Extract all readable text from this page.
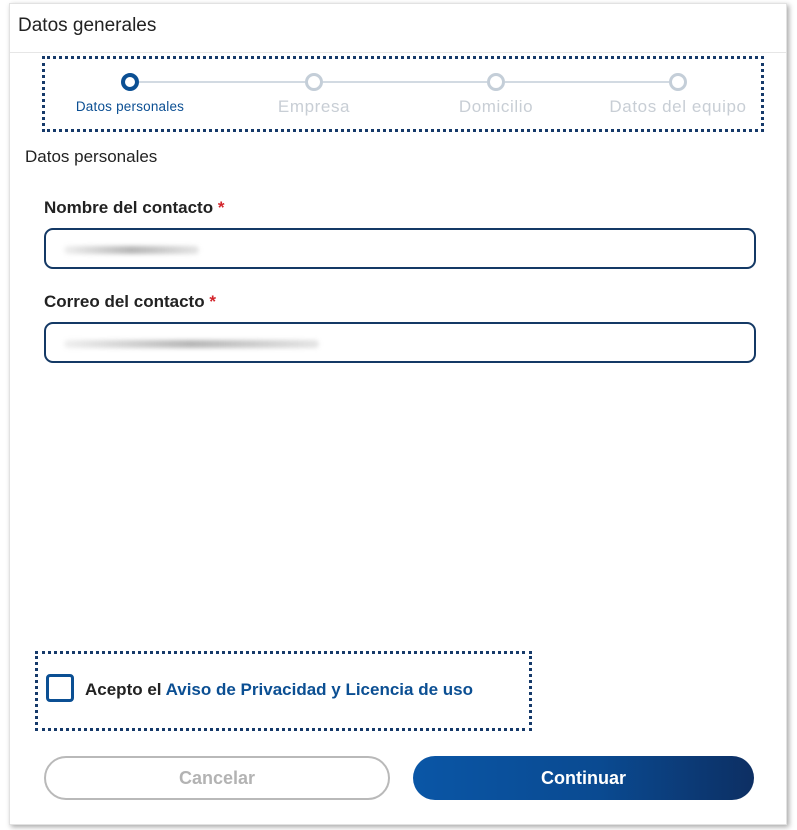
Datos generales
Datos personales	Empresa	Domicilio	Datos del equipo
Datos personales
Nombre del contacto *
Correo del contacto *
Acepto el Aviso de Privacidad y Licencia de uso
Cancelar	Continuar
